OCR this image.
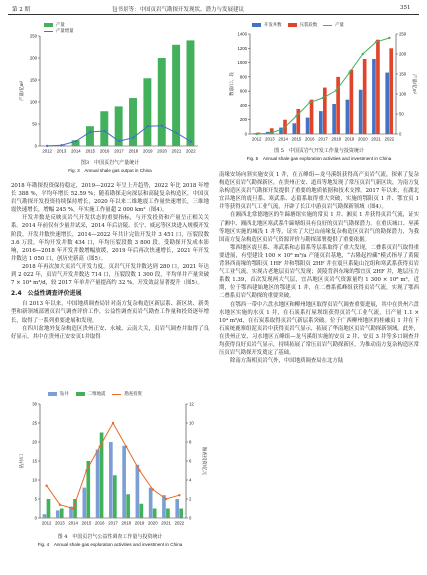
第 2 期	包书景等：中国页岩气勘探开发现状、潜力与发展建议	351
0
50
100
150
200
250
产量/亿m³
2012 2013 2014 2015 2016 2017 2018 2019 2020 2021 2022
产量
产量增量
图3　中国页岩气产量统计
Fig. 3　Annual shale gas output in China
0
200
400
600
800
1000
1200
1400
0
50
100
150
200
250
数量/口、段	产量/亿m³
2012 2013 2014 2015 2016 2017 2018 2019 2020 2021 2022
开发井数	压裂段数	产量
图 5　中国页岩气开发工作量与投资统计
Fig. 5　Annual shale gas exploration activities and investment in China

2018 年勘探投资保持稳定，2019—2022 年呈上升趋势，2022 年比 2018 年增长 388 %，平均年增长 52.59 %；随着勘探走向深层和高陡复杂构造区，中国页岩气勘探开发投资持续保持增长，2020 年以来二维地震工作量快速增长，三维地震快速增长，增幅 245 %，年实施工作量超 2 000 km²（图4）。

开发井数是反映页岩气开发状态的重要指标，与开发投资和产量呈正相关关系。2014 年前仅有少量井试采，2014 年后涪陵、长宁、威远等区块进入规模开发阶段，开发井数快速增长，2014—2022 年共计完钻开发井 3 451 口，压裂段数 3.6 万段，年均开发井数 434 口，年均压裂段数 3 800 段。受勘探开发成本影响，2016—2018 年开发井数增幅放缓，2019 年后再次快速增长，2021 年开发井数达 1 050 口，创历史新高（图5）。

2018 年再次加大页岩气开发力度，页岩气开发井数达到 280 口，2021 年达到 2 022 年，页岩气开发井数达 714 口，压裂段数 1 300 段，平均单井产量突破 7 × 10⁴ m³/d，较 2017 年单井产量提高约 32 %，开发效益显著提升（图5）。

2.4　公益性调查评价进展

自 2013 年以来，中国地质调查局针对南方复杂构造区新层系、新区块、新类型和新领域部署页岩气调查评价工作，公益性调查页岩气勘查工作量和投资逐年增长，取得了一系列重要进展和发现。

在四川盆地外复杂构造区贵州正安、永城、云南大关，页岩气调查井取得了良好显示，其中在贵州正安安页1井取得

0
5
10
15
20
25
30
0
2
4
6
8
10
12
钻井/口	勘查投资/亿元
2012 2013 2014 2015 2016 2017 2018 2019 2020 2021 2022
钻井	二维地震	勘查投资
图 4　中国页岩气公益性调查工作量与投资统计
Fig. 4　Annual shale gas exploration activities and investment in China

南缘安场向斜实施安页 1 井，在五峰组—龙马溪组获得高产页岩气流，探索了复杂构造区页岩气勘探新区，在贵州正安、道真等地发现了常压页岩气新区块，为南方复杂构造区页岩气勘探开发提供了重要的地质依据和技术支撑。2017 年以来，在湖北宜昌地区的震旦系、寒武系、志留系取得重大突破，实施的鄂阳页 1 井、鄂宜页 1 井等获得页岩气工业气流，开辟了长江中游页岩气勘探新领域（图4）。

在湘西北常德地区的牛蹄塘组实施的常页 1 井、湘页 1 井获得页岩气流，证实了湘中、湘西北地区寒武系牛蹄塘组具有良好的页岩气勘探潜力。在重庆城口、巫溪等地区实施的城浅 1 井等，证实了大巴山前缘复杂构造区页岩气的勘探潜力，为我国南方复杂构造区页岩气资源评价与勘探部署提供了重要依据。

鄂西地区震旦系、寒武系和志留系等层系取得了重大发现，二叠系页岩气取得重要进展，有望建设 100 × 10⁸ m³/a 产能页岩基地，“古隆起控藏”模式指导了黄陵背斜西南缘的鄂阳页 1HF 井和鄂阳页 2HF 井在震旦系陡山沱组和寒武系获得页岩气工业气流，实现古老地层页岩气发现；黄陵背斜东缘的鄂宜页 2HF 井，地层压力系数 1.39，首次发现两大气层，宜昌地区页岩气资源量约 1 300 × 10⁸ m³，近期，位于鄂西建始地区的鄂建页 1 井，在二叠系孤峰组获得页岩气流，实现了鄂西二叠系页岩气勘探的重要突破。

在鄂西一带中六盘水地区和柳州地区取得页岩气调查重要进展，其中在贵州六盘水地区实施的水页 1 井，在石炭系打屋坝组获得页岩气工业气流，日产量 1.1 × 10⁴ m³/d，在石炭系取得页岩气新层系突破。位于广西柳州地区的桂融页 1 井在下石炭统鹿寨组泥页岩中获得页岩气显示，拓展了华南地区页岩气勘探新领域。此外，在贵州正安、习水地区五峰组—龙马溪组实施的安页 2 井、安页 3 井等多口调查井均获得良好页岩气显示，持续拓展了常压页岩气勘探新区，为推动南方复杂构造区常压页岩气勘探开发奠定了基础。

除南方海相页岩气外，中国地质调查局在北方陆
